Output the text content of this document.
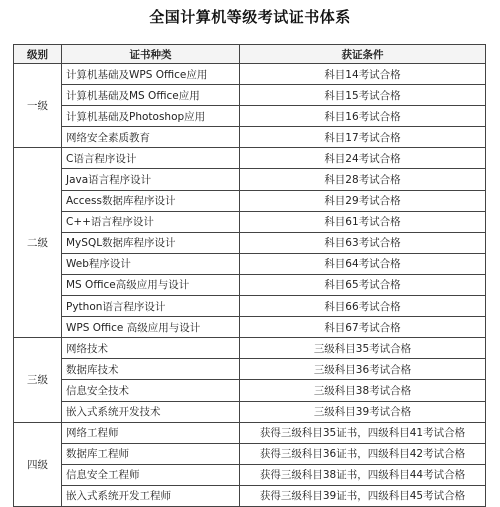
全国计算机等级考试证书体系
级别	证书种类	获证条件
一级	计算机基础及WPS Office应用	科目14考试合格
	计算机基础及MS Office应用	科目15考试合格
	计算机基础及Photoshop应用	科目16考试合格
	网络安全素质教育	科目17考试合格
二级	C语言程序设计	科目24考试合格
	Java语言程序设计	科目28考试合格
	Access数据库程序设计	科目29考试合格
	C++语言程序设计	科目61考试合格
	MySQL数据库程序设计	科目63考试合格
	Web程序设计	科目64考试合格
	MS Office高级应用与设计	科目65考试合格
	Python语言程序设计	科目66考试合格
	WPS Office 高级应用与设计	科目67考试合格
三级	网络技术	三级科目35考试合格
	数据库技术	三级科目36考试合格
	信息安全技术	三级科目38考试合格
	嵌入式系统开发技术	三级科目39考试合格
四级	网络工程师	获得三级科目35证书，四级科目41考试合格
	数据库工程师	获得三级科目36证书，四级科目42考试合格
	信息安全工程师	获得三级科目38证书，四级科目44考试合格
	嵌入式系统开发工程师	获得三级科目39证书，四级科目45考试合格
